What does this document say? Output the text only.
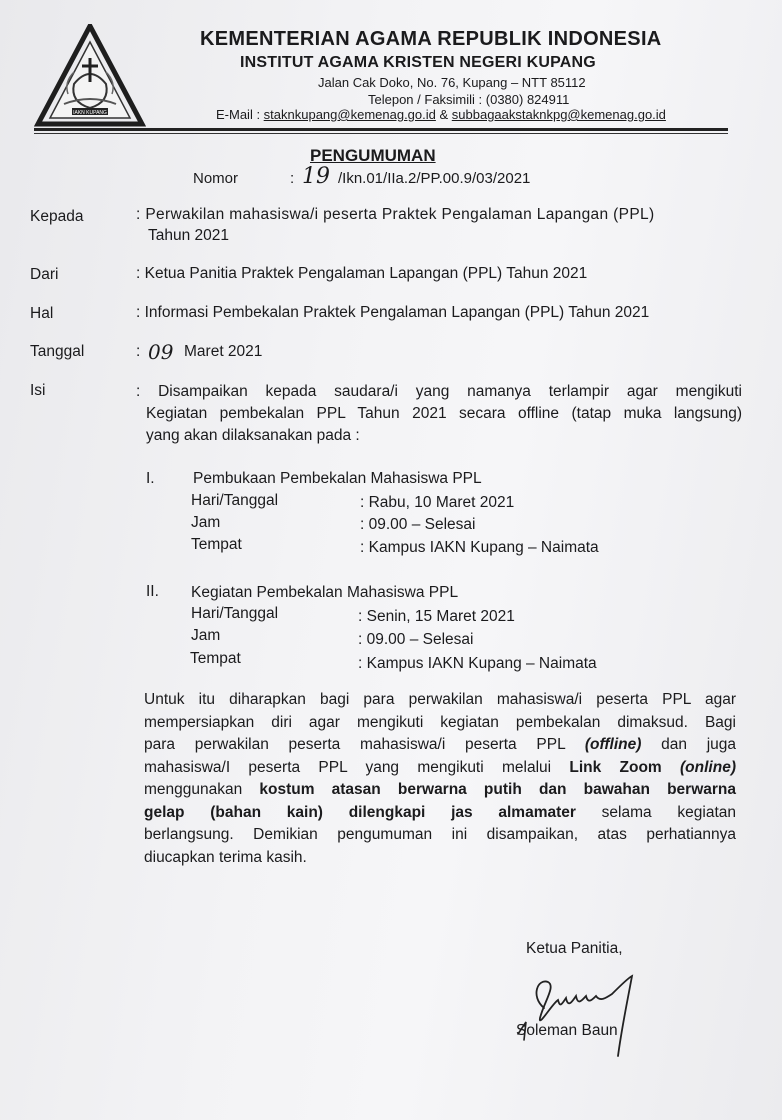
IAKN KUPANG
KEMENTERIAN AGAMA REPUBLIK INDONESIA
INSTITUT AGAMA KRISTEN NEGERI KUPANG
Jalan Cak Doko, No. 76, Kupang – NTT 85112
Telepon / Faksimili : (0380) 824911
E-Mail : staknkupang@kemenag.go.id & subbagaakstaknkpg@kemenag.go.id
PENGUMUMAN
Nomor	: 19 /Ikn.01/IIa.2/PP.00.9/03/2021
Kepada	: Perwakilan mahasiswa/i peserta Praktek Pengalaman Lapangan (PPL)
Tahun 2021
Dari	: Ketua Panitia Praktek Pengalaman Lapangan (PPL) Tahun 2021
Hal	: Informasi Pembekalan Praktek Pengalaman Lapangan (PPL) Tahun 2021
Tanggal	: 09 Maret 2021
Isi	: Disampaikan kepada saudara/i yang namanya terlampir agar mengikuti
Kegiatan pembekalan PPL Tahun 2021 secara offline (tatap muka langsung)
yang akan dilaksanakan pada :
I. Pembukaan Pembekalan Mahasiswa PPL
Hari/Tanggal	: Rabu, 10 Maret 2021
Jam	: 09.00 – Selesai
Tempat	: Kampus IAKN Kupang – Naimata
II. Kegiatan Pembekalan Mahasiswa PPL
Hari/Tanggal	: Senin, 15 Maret 2021
Jam	: 09.00 – Selesai
Tempat	: Kampus IAKN Kupang – Naimata
Untuk itu diharapkan bagi para perwakilan mahasiswa/i peserta PPL agar
mempersiapkan diri agar mengikuti kegiatan pembekalan dimaksud. Bagi
para perwakilan peserta mahasiswa/i peserta PPL (offline) dan juga
mahasiswa/I peserta PPL yang mengikuti melalui Link Zoom (online)
menggunakan kostum atasan berwarna putih dan bawahan berwarna
gelap (bahan kain) dilengkapi jas almamater selama kegiatan
berlangsung. Demikian pengumuman ini disampaikan, atas perhatiannya
diucapkan terima kasih.
Ketua Panitia,
Soleman Baun
